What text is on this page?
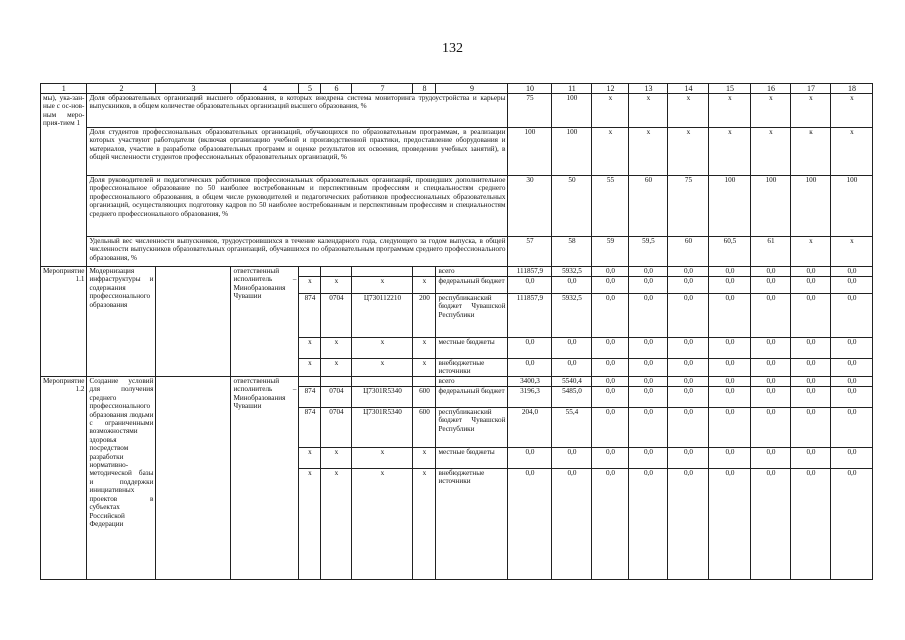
132
1	2	3	4	5	6	7	8	9	10	11	12	13	14	15	16	17	18
мы), ука-зан-ные с ос-нов-ным меро-прия-тием 1	Доля образовательных организаций высшего образования, в которых внедрена система мониторинга трудоустройства и карьеры выпускников, в общем количестве образовательных организаций высшего образования, %								75	100	x	x	x	x	x	x	x
	Доля студентов профессиональных образовательных организаций, обучающихся по образовательным программам, в реализации которых участвуют работодатели (включая организацию учебной и производственной практики, предоставление оборудования и материалов, участие в разработке образовательных программ и оценке результатов их освоения, проведении учебных занятий), в общей численности студентов профессиональных образовательных организаций, %								100	100	x	x	x	x	x	к	x
	Доля руководителей и педагогических работников профессиональных образовательных организаций, прошедших дополнительное профессиональное образование по 50 наиболее востребованным и перспективным профессиям и специальностям среднего профессионального образования, в общем числе руководителей и педагогических работников профессиональных образовательных организаций, осуществляющих подготовку кадров по 50 наиболее востребованным и перспективным профессиям и специальностям среднего профессионального образования, %								30	50	55	60	75	100	100	100	100
	Удельный вес численности выпускников, трудоустроившихся в течение календарного года, следующего за годом выпуска, в общей численности выпускников образовательных организаций, обучавшихся по образовательным программам среднего профессионального образования, %								57	58	59	59,5	60	60,5	61	x	x
Мероприятие 1.1	Модернизация инфраструктуры и содержания профессионального образования		ответственный исполнитель – Минобразования Чувашии					всего	111857,9	5932,5	0,0	0,0	0,0	0,0	0,0	0,0	0,0
				x	x	x	x	федеральный бюджет	0,0	0,0	0,0	0,0	0,0	0,0	0,0	0,0	0,0
				874	0704	Ц730112210	200	республиканский бюджет Чувашской Республики	111857,9	5932,5	0,0	0,0	0,0	0,0	0,0	0,0	0,0
				x	x	x	x	местные бюджеты	0,0	0,0	0,0	0,0	0,0	0,0	0,0	0,0	0,0
				x	x	x	x	внебюджетные источники	0,0	0,0	0,0	0,0	0,0	0,0	0,0	0,0	0,0
Мероприятие 1.2	Создание условий для получения среднего профессионального образования людьми с ограниченными возможностями здоровья посредством разработки нормативно-методической базы и поддержки инициативных проектов в субъектах Российской Федерации		ответственный исполнитель – Минобразования Чувашии					всего	3400,3	5540,4	0,0	0,0	0,0	0,0	0,0	0,0	0,0
				874	0704	Ц7301R5340	600	федеральный бюджет	3196,3	5485,0	0,0	0,0	0,0	0,0	0,0	0,0	0,0
				874	0704	Ц7301R5340	600	республиканский бюджет Чувашской Республики	204,0	55,4	0,0	0,0	0,0	0,0	0,0	0,0	0,0
				x	x	x	x	местные бюджеты	0,0	0,0	0,0	0,0	0,0	0,0	0,0	0,0	0,0
				x	x	x	x	внебюджетные источники	0,0	0,0	0,0	0,0	0,0	0,0	0,0	0,0	0,0
